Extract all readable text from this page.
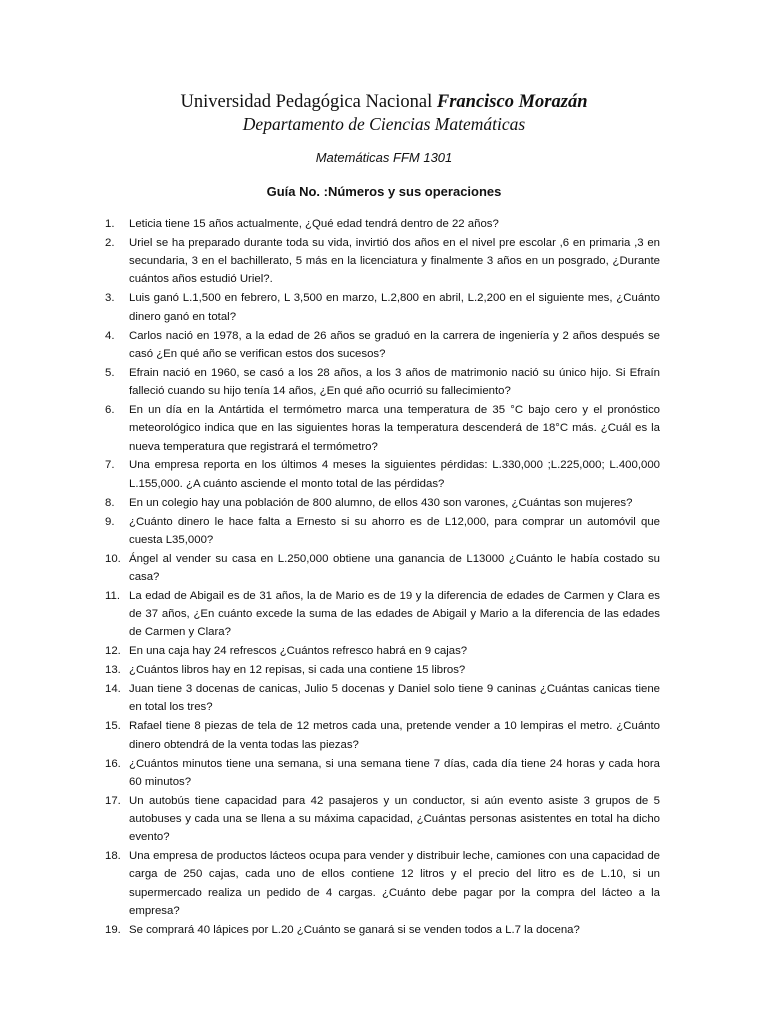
Universidad Pedagógica Nacional Francisco Morazán
Departamento de Ciencias Matemáticas
Matemáticas FFM 1301
Guía No. :Números y sus operaciones
1. Leticia tiene 15 años actualmente, ¿Qué edad tendrá dentro de 22 años?
2. Uriel se ha preparado durante toda su vida, invirtió dos años en el nivel pre escolar ,6 en primaria ,3 en secundaria, 3 en el bachillerato, 5 más en la licenciatura y finalmente 3 años en un posgrado, ¿Durante cuántos años estudió Uriel?.
3. Luis ganó L.1,500 en febrero, L 3,500 en marzo, L.2,800 en abril, L.2,200 en el siguiente mes, ¿Cuánto dinero ganó en total?
4. Carlos nació en 1978, a la edad de 26 años se graduó en la carrera de ingeniería y 2 años después se casó ¿En qué año se verifican estos dos sucesos?
5. Efrain nació en 1960, se casó a los 28 años, a los 3 años de matrimonio nació su único hijo. Si Efraín falleció cuando su hijo tenía 14 años, ¿En qué año ocurrió su fallecimiento?
6. En un día en la Antártida el termómetro marca una temperatura de 35 °C bajo cero y el pronóstico meteorológico indica que en las siguientes horas la temperatura descenderá de 18°C más. ¿Cuál es la nueva temperatura que registrará el termómetro?
7. Una empresa reporta en los últimos 4 meses la siguientes pérdidas: L.330,000 ;L.225,000; L.400,000 L.155,000. ¿A cuánto asciende el monto total de las pérdidas?
8. En un colegio hay una población de 800 alumno, de ellos 430 son varones, ¿Cuántas son mujeres?
9. ¿Cuánto dinero le hace falta a Ernesto si su ahorro es de L12,000, para comprar un automóvil que cuesta L35,000?
10. Ángel al vender su casa en L.250,000 obtiene una ganancia de L13000 ¿Cuánto le había costado su casa?
11. La edad de Abigail es de 31 años, la de Mario es de 19 y la diferencia de edades de Carmen y Clara es de 37 años, ¿En cuánto excede la suma de las edades de Abigail y Mario a la diferencia de las edades de Carmen y Clara?
12. En una caja hay 24 refrescos ¿Cuántos refresco habrá en 9 cajas?
13. ¿Cuántos libros hay en 12 repisas, si cada una contiene 15 libros?
14. Juan tiene 3 docenas de canicas, Julio 5 docenas y Daniel solo tiene 9 caninas ¿Cuántas canicas tiene en total los tres?
15. Rafael tiene 8 piezas de tela de 12 metros cada una, pretende vender a 10 lempiras el metro. ¿Cuánto dinero obtendrá de la venta todas las piezas?
16. ¿Cuántos minutos tiene una semana, si una semana tiene 7 días, cada día tiene 24 horas y cada hora 60 minutos?
17. Un autobús tiene capacidad para 42 pasajeros y un conductor, si aún evento asiste 3 grupos de 5 autobuses y cada una se llena a su máxima capacidad, ¿Cuántas personas asistentes en total ha dicho evento?
18. Una empresa de productos lácteos ocupa para vender y distribuir leche, camiones con una capacidad de carga de 250 cajas, cada uno de ellos contiene 12 litros y el precio del litro es de L.10, si un supermercado realiza un pedido de 4 cargas. ¿Cuánto debe pagar por la compra del lácteo a la empresa?
19. Se comprará 40 lápices por L.20 ¿Cuánto se ganará si se venden todos a L.7 la docena?
